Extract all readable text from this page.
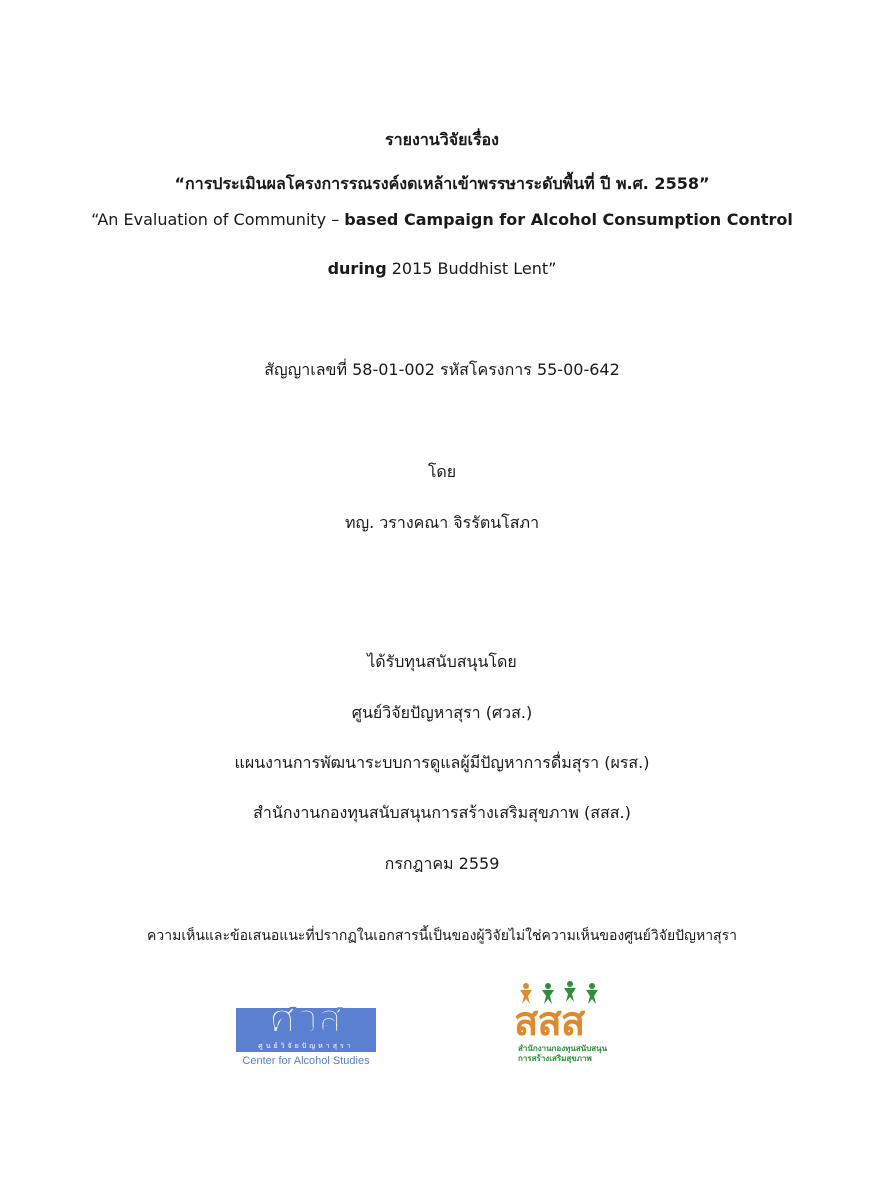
รายงานวิจัยเรื่อง
“การประเมินผลโครงการรณรงค์งดเหล้าเข้าพรรษาระดับพื้นที่ ปี พ.ศ. 2558”
“An Evaluation of Community – based Campaign for Alcohol Consumption Control
during 2015 Buddhist Lent”
สัญญาเลขที่ 58-01-002 รหัสโครงการ 55-00-642
โดย
ทญ. วรางคณา จิรรัตนโสภา
ได้รับทุนสนับสนุนโดย
ศูนย์วิจัยปัญหาสุรา (ศวส.)
แผนงานการพัฒนาระบบการดูแลผู้มีปัญหาการดื่มสุรา (ผรส.)
สำนักงานกองทุนสนับสนุนการสร้างเสริมสุขภาพ (สสส.)
กรกฎาคม 2559
ความเห็นและข้อเสนอแนะที่ปรากฏในเอกสารนี้เป็นของผู้วิจัยไม่ใช่ความเห็นของศูนย์วิจัยปัญหาสุรา
ศวส
ศูนย์วิจัยปัญหาสุรา
Center for Alcohol Studies
สสส
สำนักงานกองทุนสนับสนุน
การสร้างเสริมสุขภาพ
